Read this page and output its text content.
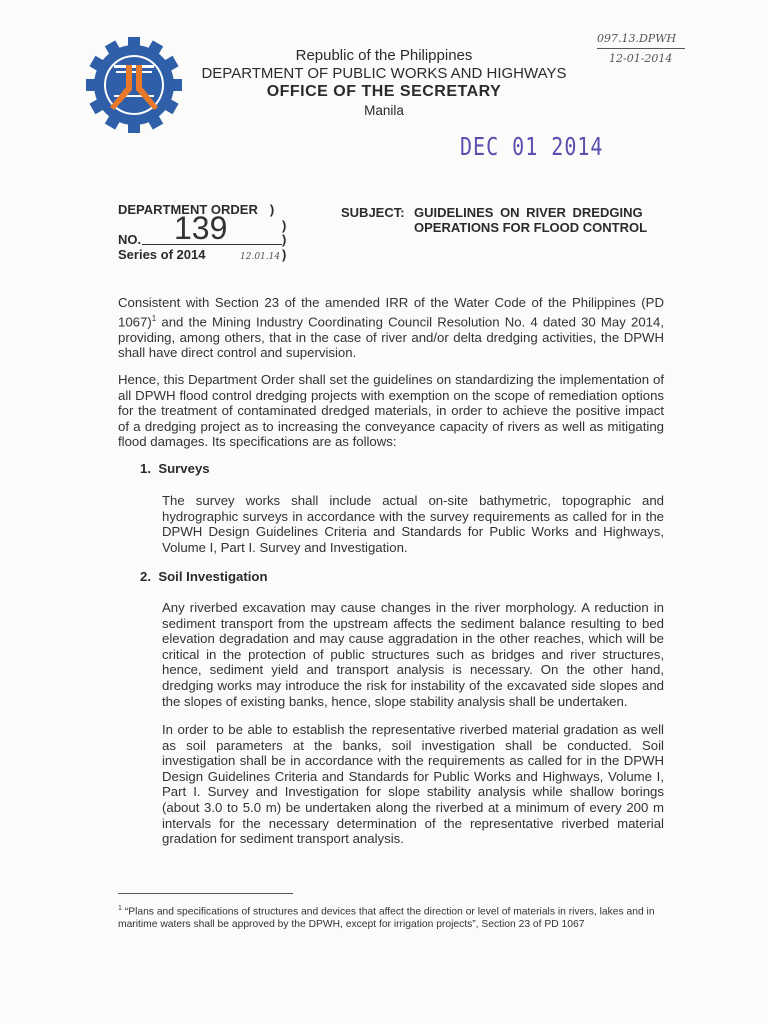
Republic of the Philippines
DEPARTMENT OF PUBLIC WORKS AND HIGHWAYS
OFFICE OF THE SECRETARY
Manila
097.13.DPWH
12-01-2014
DEC 01 2014
DEPARTMENT ORDER )
NO. 139	)
)
Series of 2014	12.01.14 )
SUBJECT: GUIDELINES ON RIVER DREDGING
OPERATIONS FOR FLOOD CONTROL

Consistent with Section 23 of the amended IRR of the Water Code of the Philippines (PD 1067)$^1$ and the Mining Industry Coordinating Council Resolution No. 4 dated 30 May 2014, providing, among others, that in the case of river and/or delta dredging activities, the DPWH shall have direct control and supervision.

Hence, this Department Order shall set the guidelines on standardizing the implementation of all DPWH flood control dredging projects with exemption on the scope of remediation options for the treatment of contaminated dredged materials, in order to achieve the positive impact of a dredging project as to increasing the conveyance capacity of rivers as well as mitigating flood damages. Its specifications are as follows:

1.  Surveys

The survey works shall include actual on-site bathymetric, topographic and hydrographic surveys in accordance with the survey requirements as called for in the DPWH Design Guidelines Criteria and Standards for Public Works and Highways, Volume I, Part I. Survey and Investigation.

2.  Soil Investigation

Any riverbed excavation may cause changes in the river morphology. A reduction in sediment transport from the upstream affects the sediment balance resulting to bed elevation degradation and may cause aggradation in the other reaches, which will be critical in the protection of public structures such as bridges and river structures, hence, sediment yield and transport analysis is necessary. On the other hand, dredging works may introduce the risk for instability of the excavated side slopes and the slopes of existing banks, hence, slope stability analysis shall be undertaken.

In order to be able to establish the representative riverbed material gradation as well as soil parameters at the banks, soil investigation shall be conducted. Soil investigation shall be in accordance with the requirements as called for in the DPWH Design Guidelines Criteria and Standards for Public Works and Highways, Volume I, Part I. Survey and Investigation for slope stability analysis while shallow borings (about 3.0 to 5.0 m) be undertaken along the riverbed at a minimum of every 200 m intervals for the necessary determination of the representative riverbed material gradation for sediment transport analysis.

$^1$ “Plans and specifications of structures and devices that affect the direction or level of materials in rivers, lakes and in maritime waters shall be approved by the DPWH, except for irrigation projects”, Section 23 of PD 1067
